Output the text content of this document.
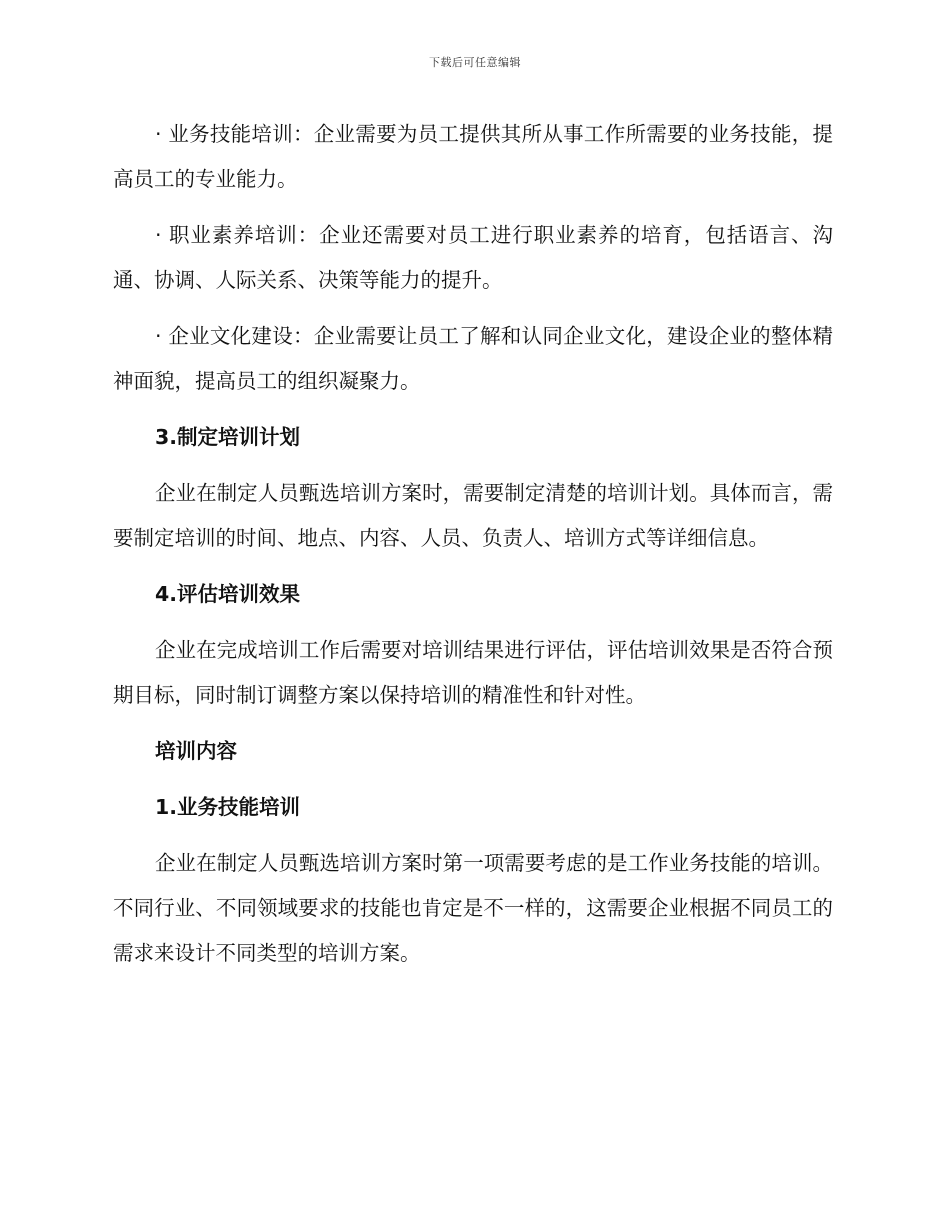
下载后可任意编辑

· 业务技能培训：企业需要为员工提供其所从事工作所需要的业务技能，提高员工的专业能力。

· 职业素养培训：企业还需要对员工进行职业素养的培育，包括语言、沟通、协调、人际关系、决策等能力的提升。

· 企业文化建设：企业需要让员工了解和认同企业文化，建设企业的整体精神面貌，提高员工的组织凝聚力。

3.制定培训计划

企业在制定人员甄选培训方案时，需要制定清楚的培训计划。具体而言，需要制定培训的时间、地点、内容、人员、负责人、培训方式等详细信息。

4.评估培训效果

企业在完成培训工作后需要对培训结果进行评估，评估培训效果是否符合预期目标，同时制订调整方案以保持培训的精准性和针对性。

培训内容

1.业务技能培训

企业在制定人员甄选培训方案时第一项需要考虑的是工作业务技能的培训。不同行业、不同领域要求的技能也肯定是不一样的，这需要企业根据不同员工的需求来设计不同类型的培训方案。
